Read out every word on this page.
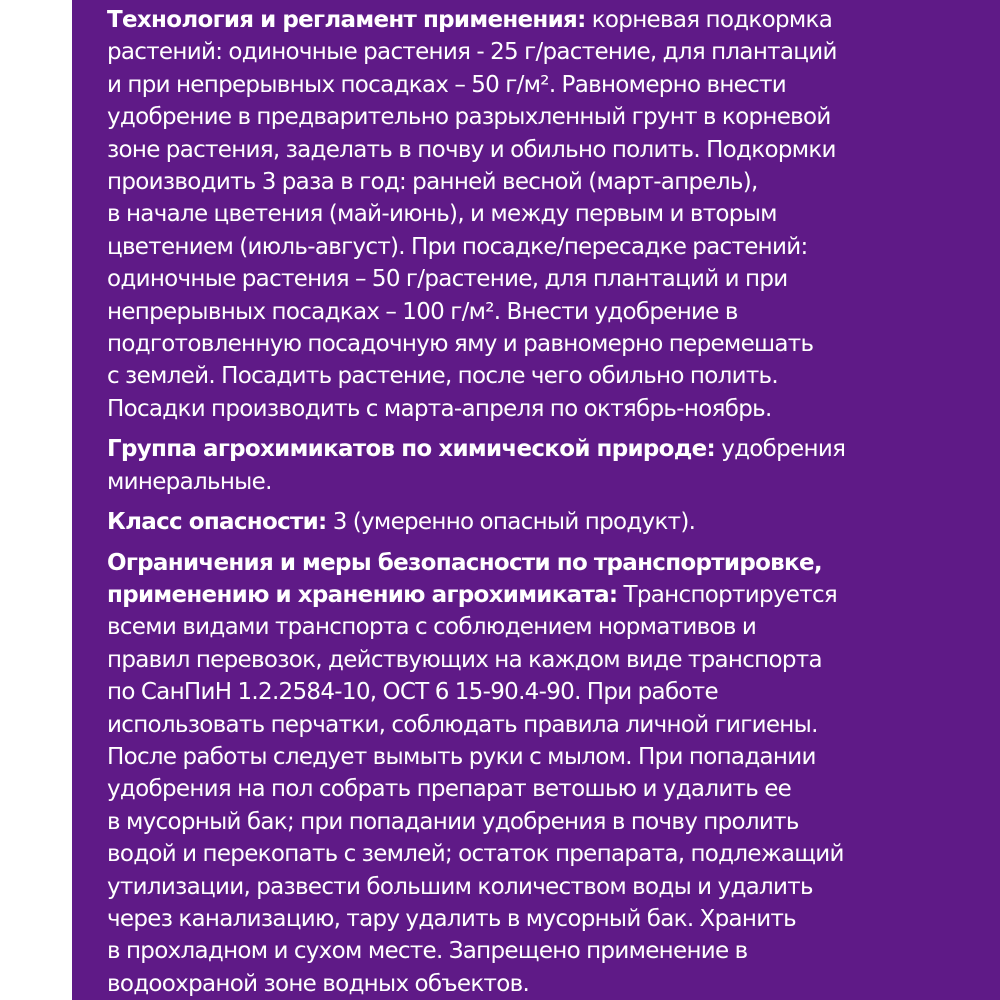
Технология и регламент применения: корневая подкормка
растений: одиночные растения - 25 г/растение, для плантаций
и при непрерывных посадках – 50 г/м². Равномерно внести
удобрение в предварительно разрыхленный грунт в корневой
зоне растения, заделать в почву и обильно полить. Подкормки
производить 3 раза в год: ранней весной (март-апрель),
в начале цветения (май-июнь), и между первым и вторым
цветением (июль-август). При посадке/пересадке растений:
одиночные растения – 50 г/растение, для плантаций и при
непрерывных посадках – 100 г/м². Внести удобрение в
подготовленную посадочную яму и равномерно перемешать
с землей. Посадить растение, после чего обильно полить.
Посадки производить с марта-апреля по октябрь-ноябрь.
Группа агрохимикатов по химической природе: удобрения
минеральные.
Класс опасности: 3 (умеренно опасный продукт).
Ограничения и меры безопасности по транспортировке,
применению и хранению агрохимиката: Транспортируется
всеми видами транспорта с соблюдением нормативов и
правил перевозок, действующих на каждом виде транспорта
по СанПиН 1.2.2584-10, ОСТ 6 15-90.4-90. При работе
использовать перчатки, соблюдать правила личной гигиены.
После работы следует вымыть руки с мылом. При попадании
удобрения на пол собрать препарат ветошью и удалить ее
в мусорный бак; при попадании удобрения в почву пролить
водой и перекопать с землей; остаток препарата, подлежащий
утилизации, развести большим количеством воды и удалить
через канализацию, тару удалить в мусорный бак. Хранить
в прохладном и сухом месте. Запрещено применение в
водоохраной зоне водных объектов.
